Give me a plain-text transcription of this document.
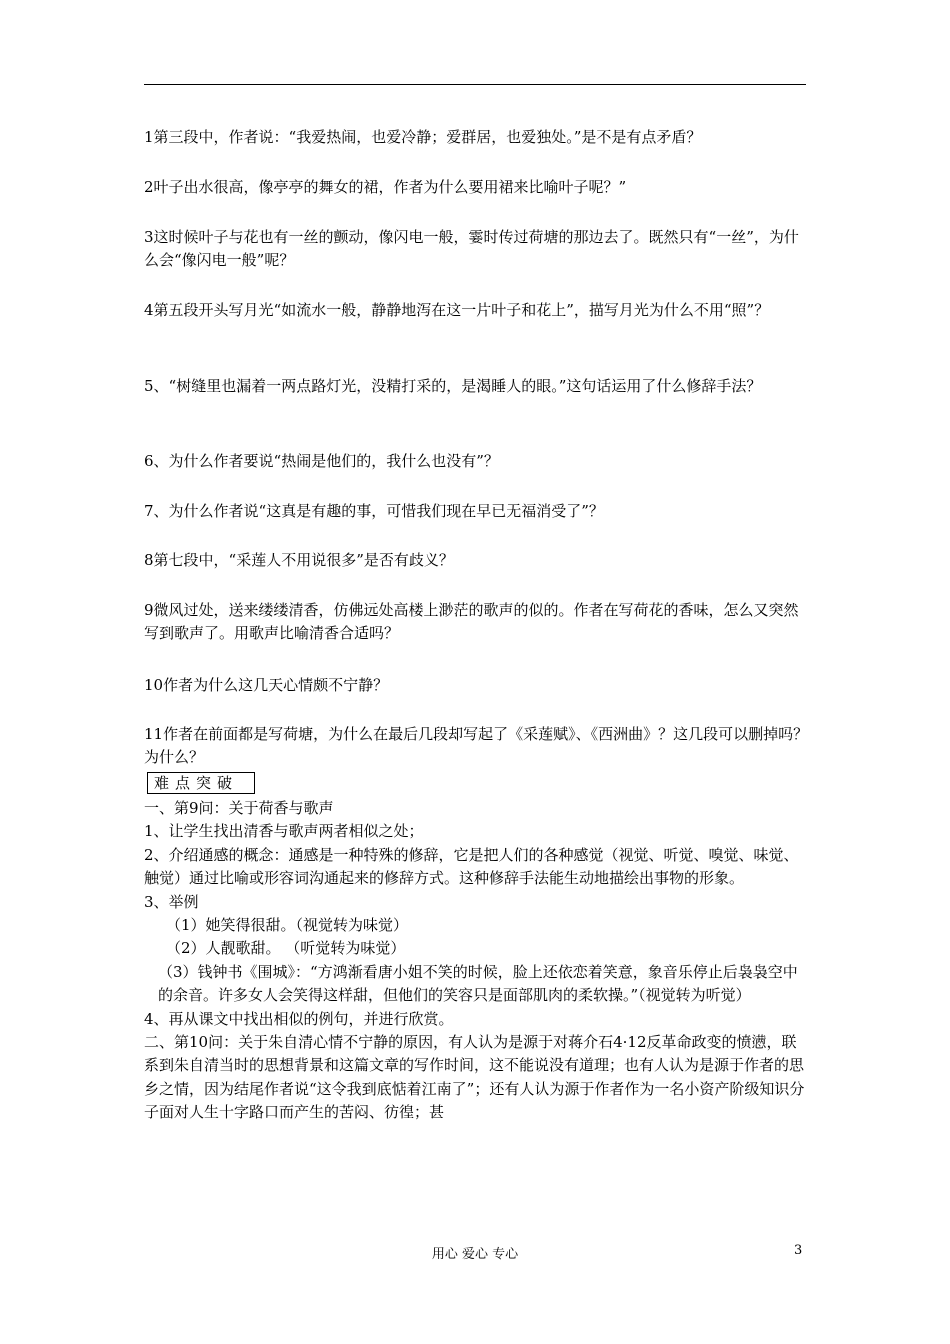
1第三段中，作者说：“我爱热闹，也爱冷静；爱群居，也爱独处。”是不是有点矛盾？

2叶子出水很高，像亭亭的舞女的裙，作者为什么要用裙来比喻叶子呢？”

3这时候叶子与花也有一丝的颤动，像闪电一般，霎时传过荷塘的那边去了。既然只有“一丝”，为什么会“像闪电一般”呢？

4第五段开头写月光“如流水一般，静静地泻在这一片叶子和花上”，描写月光为什么不用“照”？

5、“树缝里也漏着一两点路灯光，没精打采的，是渴睡人的眼。”这句话运用了什么修辞手法？

6、为什么作者要说“热闹是他们的，我什么也没有”？

7、为什么作者说“这真是有趣的事，可惜我们现在早已无福消受了”？

8第七段中，“采莲人不用说很多”是否有歧义？

9微风过处，送来缕缕清香，仿佛远处高楼上渺茫的歌声的似的。作者在写荷花的香味，怎么又突然写到歌声了。用歌声比喻清香合适吗？

10作者为什么这几天心情颇不宁静？

11作者在前面都是写荷塘，为什么在最后几段却写起了《采莲赋》、《西洲曲》？这几段可以删掉吗？为什么？

难点突破

一、第9问：关于荷香与歌声

1、让学生找出清香与歌声两者相似之处；

2、介绍通感的概念：通感是一种特殊的修辞，它是把人们的各种感觉（视觉、听觉、嗅觉、味觉、触觉）通过比喻或形容词沟通起来的修辞方式。这种修辞手法能生动地描绘出事物的形象。

3、举例

（1）她笑得很甜。（视觉转为味觉）

（2）人靓歌甜。 （听觉转为味觉）

（3）钱钟书《围城》：“方鸿渐看唐小姐不笑的时候，脸上还依恋着笑意，象音乐停止后袅袅空中的余音。许多女人会笑得这样甜，但他们的笑容只是面部肌肉的柔软操。”（视觉转为听觉）

4、再从课文中找出相似的例句，并进行欣赏。

二、第10问：关于朱自清心情不宁静的原因，有人认为是源于对蒋介石4·12反革命政变的愤懑，联系到朱自清当时的思想背景和这篇文章的写作时间，这不能说没有道理；也有人认为是源于作者的思乡之情，因为结尾作者说“这令我到底惦着江南了”；还有人认为源于作者作为一名小资产阶级知识分子面对人生十字路口而产生的苦闷、彷徨；甚

用心 爱心 专心	3
